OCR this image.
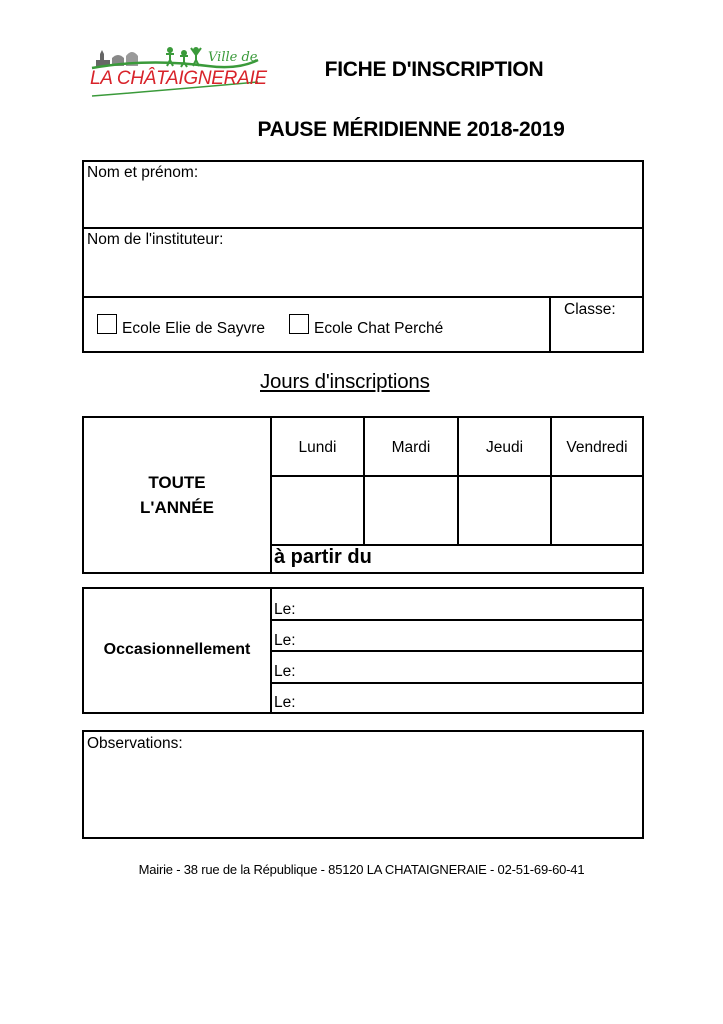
Ville de
LA CHÂTAIGNERAIE	FICHE D'INSCRIPTION
PAUSE MÉRIDIENNE 2018-2019
Nom et prénom:
Nom de l'instituteur:
Ecole Elie de Sayvre	Ecole Chat Perché
Classe:
Jours d'inscriptions
TOUTE
L'ANNÉE
Lundi	Mardi	Jeudi	Vendredi
à partir du
Occasionnellement
Le:
Le:
Le:
Le:
Observations:
Mairie - 38 rue de la République - 85120 LA CHATAIGNERAIE - 02-51-69-60-41
